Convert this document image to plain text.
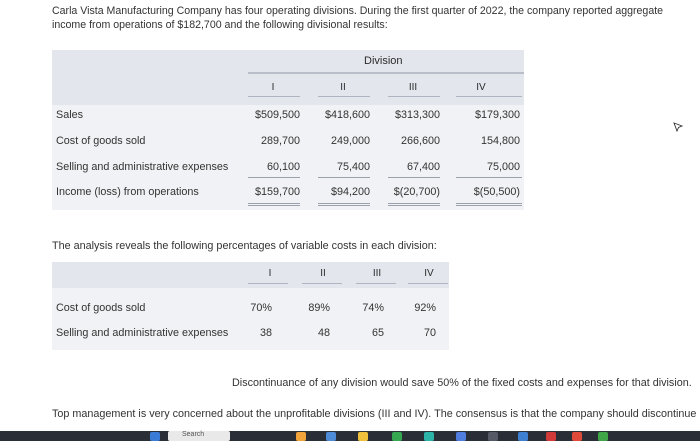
Carla Vista Manufacturing Company has four operating divisions. During the first quarter of 2022, the company reported aggregate
income from operations of $182,700 and the following divisional results:
Division
I	II	III	IV
Sales	$509,500	$418,600	$313,300	$179,300
Cost of goods sold	289,700	249,000	266,600	154,800
Selling and administrative expenses	60,100	75,400	67,400	75,000
Income (loss) from operations	$159,700	$94,200	$(20,700)	$(50,500)
The analysis reveals the following percentages of variable costs in each division:
I	II	III	IV
Cost of goods sold	70%	89%	74%	92%
Selling and administrative expenses	38	48	65	70
Discontinuance of any division would save 50% of the fixed costs and expenses for that division.
Top management is very concerned about the unprofitable divisions (III and IV). The consensus is that the company should discontinue
Search
